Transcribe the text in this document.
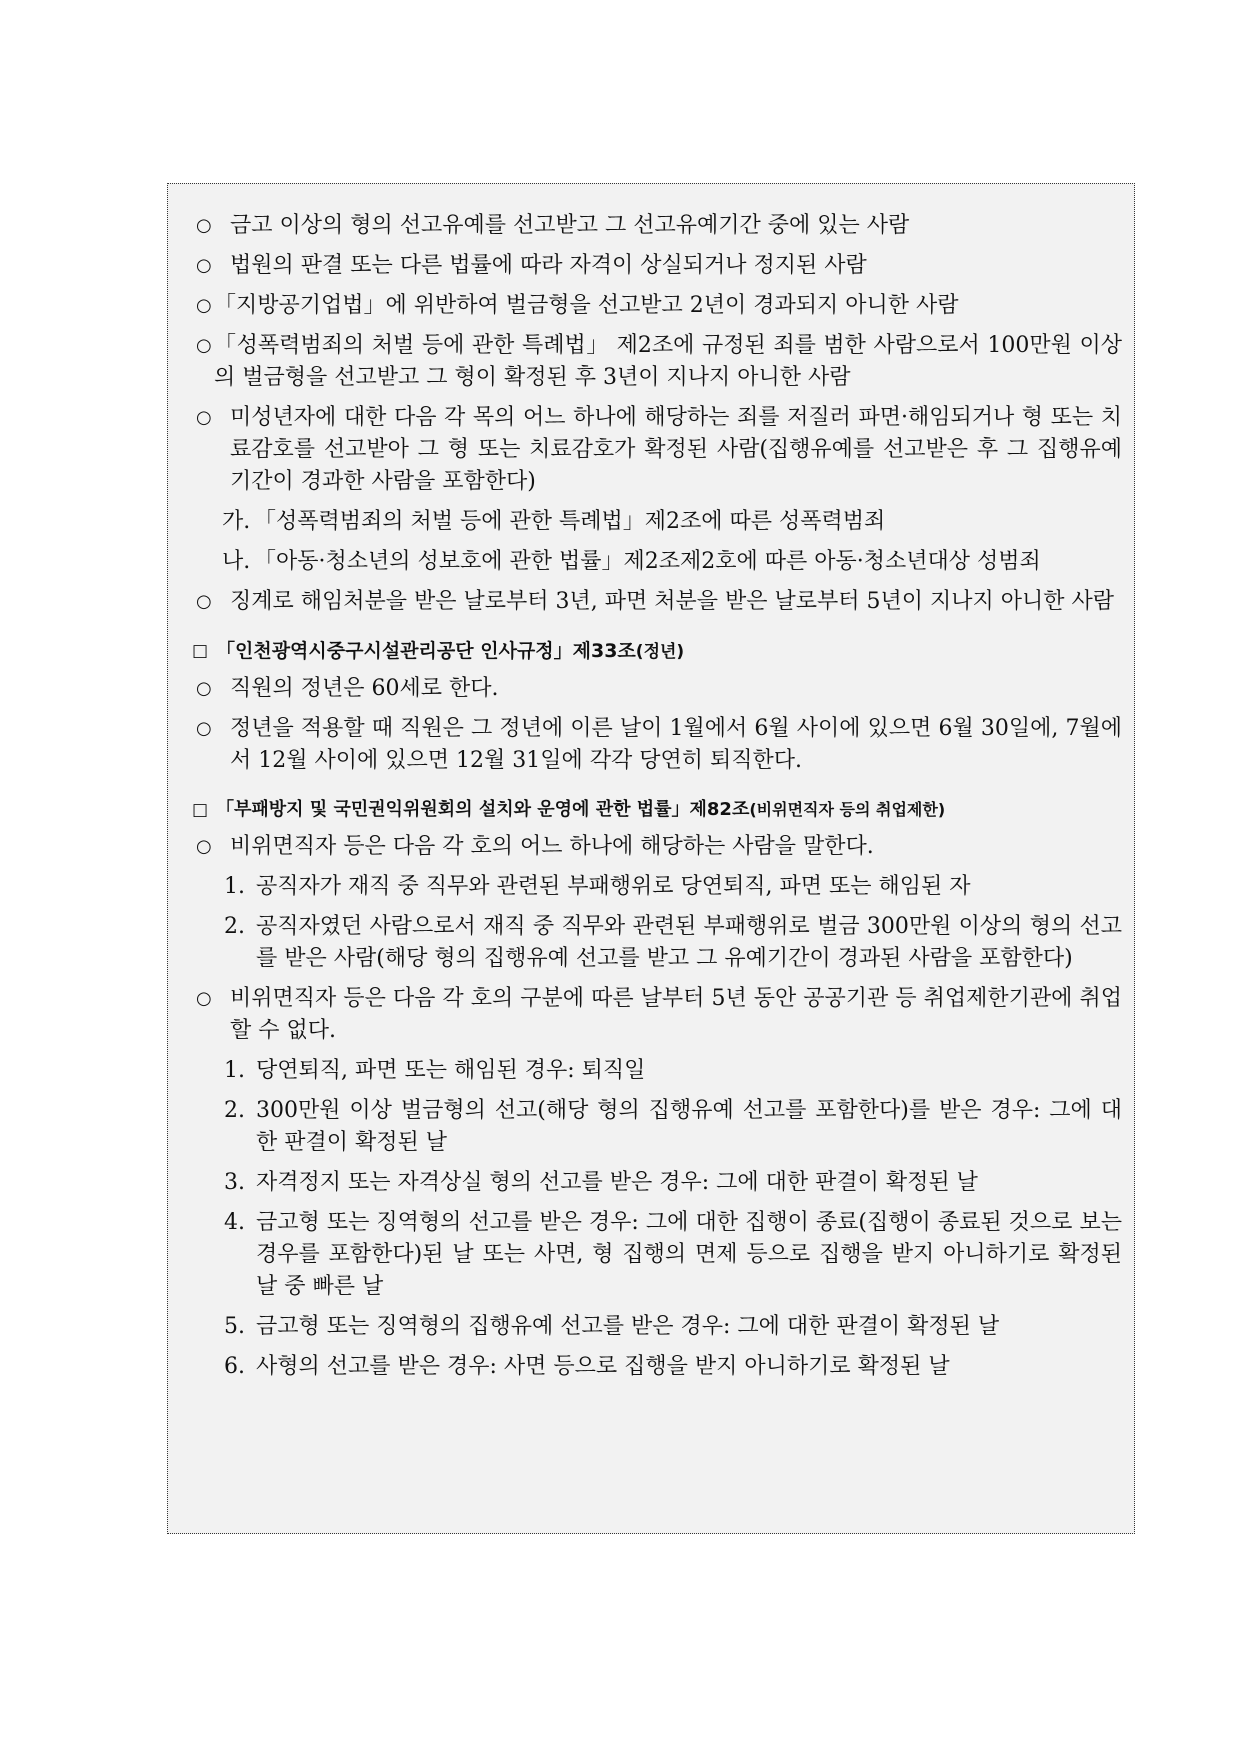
○ 금고 이상의 형의 선고유예를 선고받고 그 선고유예기간 중에 있는 사람
○ 법원의 판결 또는 다른 법률에 따라 자격이 상실되거나 정지된 사람
○ 「지방공기업법」에 위반하여 벌금형을 선고받고 2년이 경과되지 아니한 사람
○ 「성폭력범죄의 처벌 등에 관한 특례법」 제2조에 규정된 죄를 범한 사람으로서 100만원 이상의 벌금형을 선고받고 그 형이 확정된 후 3년이 지나지 아니한 사람
○ 미성년자에 대한 다음 각 목의 어느 하나에 해당하는 죄를 저질러 파면·해임되거나 형 또는 치료감호를 선고받아 그 형 또는 치료감호가 확정된 사람(집행유예를 선고받은 후 그 집행유예기간이 경과한 사람을 포함한다)
가. 「성폭력범죄의 처벌 등에 관한 특례법」제2조에 따른 성폭력범죄
나. 「아동·청소년의 성보호에 관한 법률」제2조제2호에 따른 아동·청소년대상 성범죄
○ 징계로 해임처분을 받은 날로부터 3년, 파면 처분을 받은 날로부터 5년이 지나지 아니한 사람
□ 「인천광역시중구시설관리공단 인사규정」제33조(정년)
○ 직원의 정년은 60세로 한다.
○ 정년을 적용할 때 직원은 그 정년에 이른 날이 1월에서 6월 사이에 있으면 6월 30일에, 7월에서 12월 사이에 있으면 12월 31일에 각각 당연히 퇴직한다.
□ 「부패방지 및 국민권익위원회의 설치와 운영에 관한 법률」제82조(비위면직자 등의 취업제한)
○ 비위면직자 등은 다음 각 호의 어느 하나에 해당하는 사람을 말한다.
1. 공직자가 재직 중 직무와 관련된 부패행위로 당연퇴직, 파면 또는 해임된 자
2. 공직자였던 사람으로서 재직 중 직무와 관련된 부패행위로 벌금 300만원 이상의 형의 선고를 받은 사람(해당 형의 집행유예 선고를 받고 그 유예기간이 경과된 사람을 포함한다)
○ 비위면직자 등은 다음 각 호의 구분에 따른 날부터 5년 동안 공공기관 등 취업제한기관에 취업할 수 없다.
1. 당연퇴직, 파면 또는 해임된 경우: 퇴직일
2. 300만원 이상 벌금형의 선고(해당 형의 집행유예 선고를 포함한다)를 받은 경우: 그에 대한 판결이 확정된 날
3. 자격정지 또는 자격상실 형의 선고를 받은 경우: 그에 대한 판결이 확정된 날
4. 금고형 또는 징역형의 선고를 받은 경우: 그에 대한 집행이 종료(집행이 종료된 것으로 보는 경우를 포함한다)된 날 또는 사면, 형 집행의 면제 등으로 집행을 받지 아니하기로 확정된 날 중 빠른 날
5. 금고형 또는 징역형의 집행유예 선고를 받은 경우: 그에 대한 판결이 확정된 날
6. 사형의 선고를 받은 경우: 사면 등으로 집행을 받지 아니하기로 확정된 날
